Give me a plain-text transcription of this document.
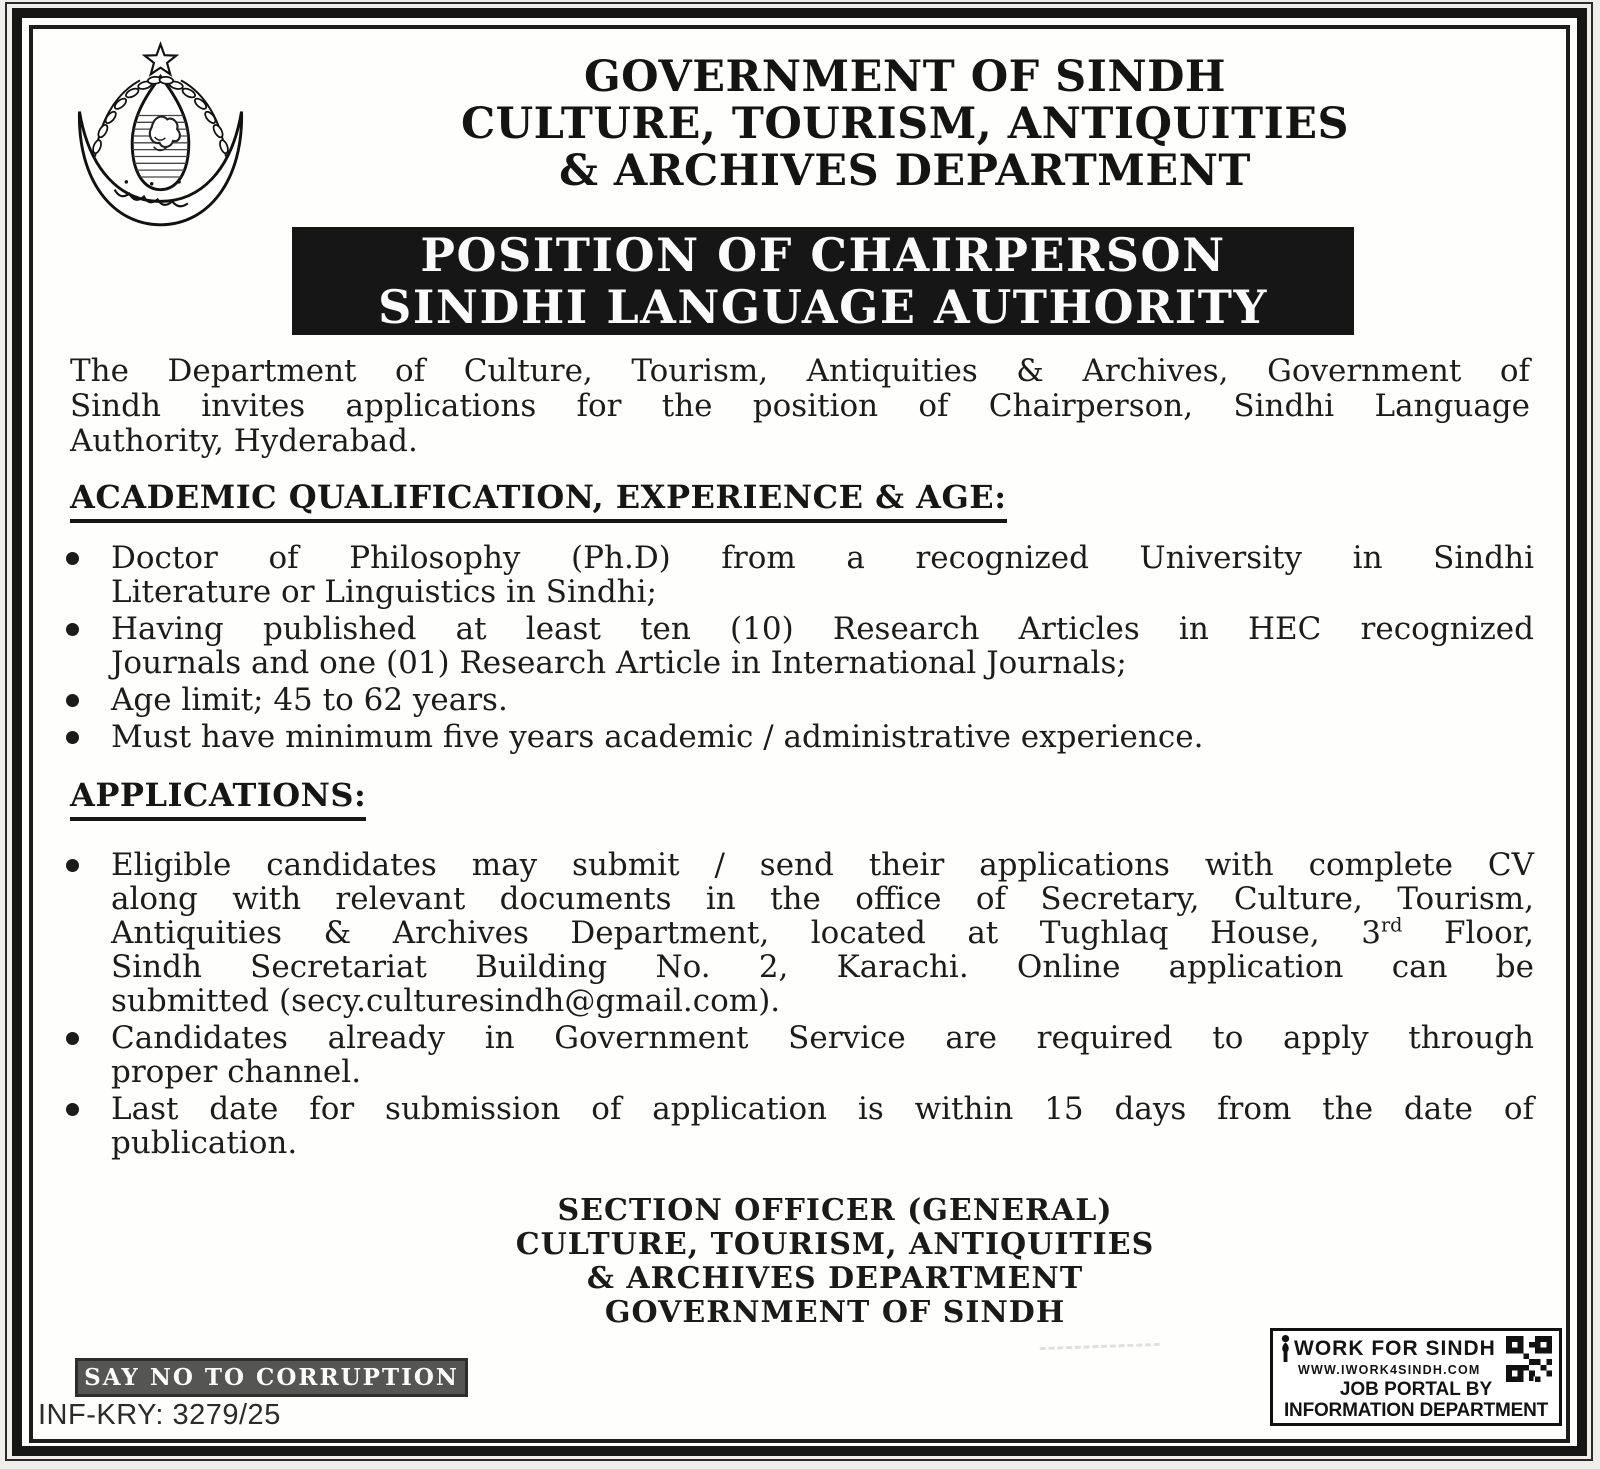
GOVERNMENT OF SINDH
CULTURE, TOURISM, ANTIQUITIES
& ARCHIVES DEPARTMENT
POSITION OF CHAIRPERSON
SINDHI LANGUAGE AUTHORITY
The Department of Culture, Tourism, Antiquities & Archives, Government of
Sindh invites applications for the position of Chairperson, Sindhi Language
Authority, Hyderabad.
ACADEMIC QUALIFICATION, EXPERIENCE & AGE:
Doctor of Philosophy (Ph.D) from a recognized University in Sindhi
Literature or Linguistics in Sindhi;
Having published at least ten (10) Research Articles in HEC recognized
Journals and one (01) Research Article in International Journals;
Age limit; 45 to 62 years.
Must have minimum five years academic / administrative experience.
APPLICATIONS:
Eligible candidates may submit / send their applications with complete CV
along with relevant documents in the office of Secretary, Culture, Tourism,
Antiquities & Archives Department, located at Tughlaq House, 3rd Floor,
Sindh Secretariat Building No. 2, Karachi. Online application can be
submitted (secy.culturesindh@gmail.com).
Candidates already in Government Service are required to apply through
proper channel.
Last date for submission of application is within 15 days from the date of
publication.
SECTION OFFICER (GENERAL)
CULTURE, TOURISM, ANTIQUITIES
& ARCHIVES DEPARTMENT
GOVERNMENT OF SINDH
SAY NO TO CORRUPTION
INF-KRY: 3279/25
WORK FOR SINDH
WWW.IWORK4SINDH.COM
JOB PORTAL BY
INFORMATION DEPARTMENT
